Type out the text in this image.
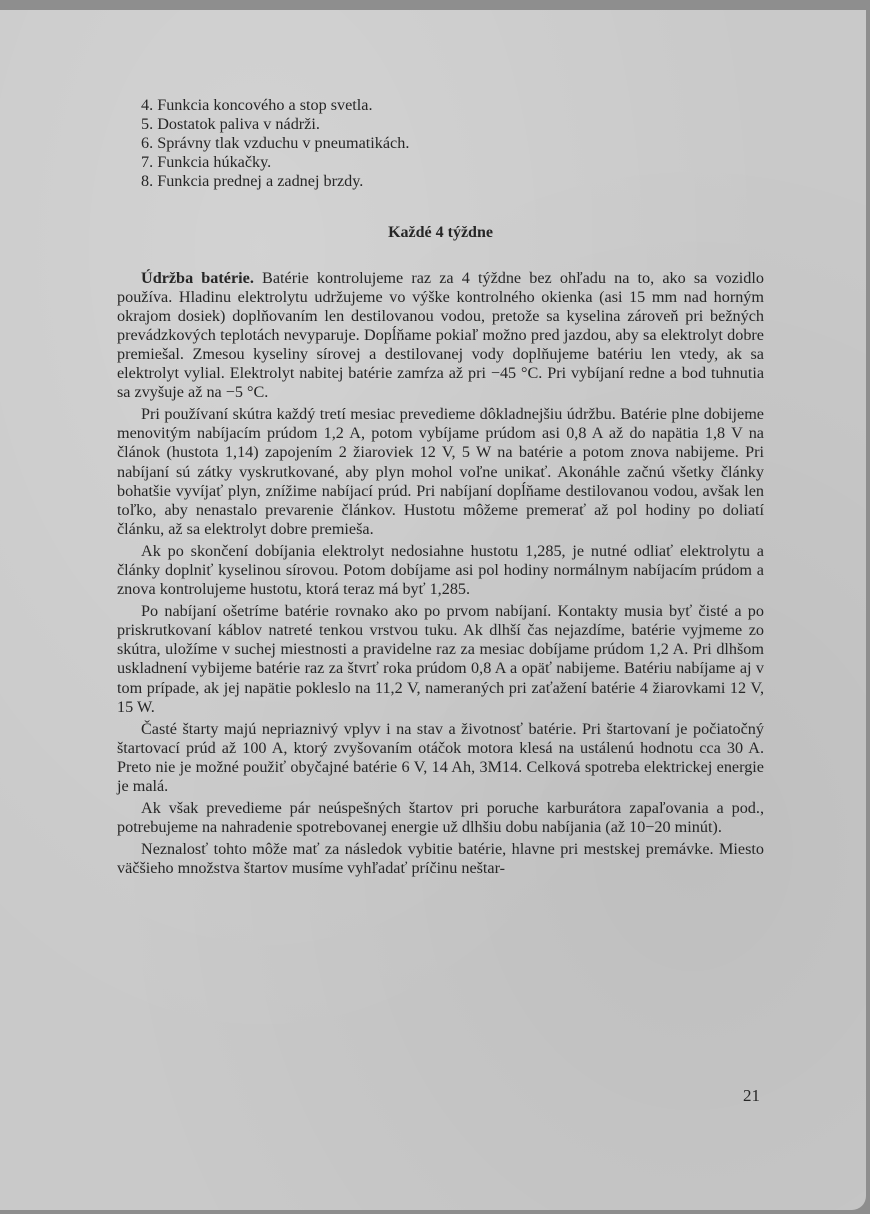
4. Funkcia koncového a stop svetla.
5. Dostatok paliva v nádrži.
6. Správny tlak vzduchu v pneumatikách.
7. Funkcia húkačky.
8. Funkcia prednej a zadnej brzdy.
Každé 4 týždne

Údržba batérie. Batérie kontrolujeme raz za 4 týždne bez ohľadu na to, ako sa vozidlo používa. Hladinu elektrolytu udržujeme vo výške kontrolného okienka (asi 15 mm nad horným okrajom dosiek) doplňovaním len destilovanou vodou, pretože sa kyselina zároveň pri bežných prevádzkových teplotách nevyparuje. Dopĺňame pokiaľ možno pred jazdou, aby sa elektrolyt dobre premiešal. Zmesou kyseliny sírovej a destilovanej vody doplňujeme batériu len vtedy, ak sa elektrolyt vylial. Elektrolyt nabitej batérie zamŕza až pri −45 °C. Pri vybíjaní redne a bod tuhnutia sa zvyšuje až na −5 °C.

Pri používaní skútra každý tretí mesiac prevedieme dôkladnejšiu údržbu. Batérie plne dobijeme menovitým nabíjacím prúdom 1,2 A, potom vybíjame prúdom asi 0,8 A až do napätia 1,8 V na článok (hustota 1,14) zapojením 2 žiaroviek 12 V, 5 W na batérie a potom znova nabijeme. Pri nabíjaní sú zátky vyskrutkované, aby plyn mohol voľne unikať. Akonáhle začnú všetky články bohatšie vyvíjať plyn, znížime nabíjací prúd. Pri nabíjaní dopĺňame destilovanou vodou, avšak len toľko, aby nenastalo prevarenie článkov. Hustotu môžeme premerať až pol hodiny po doliatí článku, až sa elektrolyt dobre premieša.

Ak po skončení dobíjania elektrolyt nedosiahne hustotu 1,285, je nutné odliať elektrolytu a články doplniť kyselinou sírovou. Potom dobíjame asi pol hodiny normálnym nabíjacím prúdom a znova kontrolujeme hustotu, ktorá teraz má byť 1,285.

Po nabíjaní ošetríme batérie rovnako ako po prvom nabíjaní. Kontakty musia byť čisté a po priskrutkovaní káblov natreté tenkou vrstvou tuku. Ak dlhší čas nejazdíme, batérie vyjmeme zo skútra, uložíme v suchej miestnosti a pravidelne raz za mesiac dobíjame prúdom 1,2 A. Pri dlhšom uskladnení vybijeme batérie raz za štvrť roka prúdom 0,8 A a opäť nabijeme. Batériu nabíjame aj v tom prípade, ak jej napätie pokleslo na 11,2 V, nameraných pri zaťažení batérie 4 žiarovkami 12 V, 15 W.

Časté štarty majú nepriaznivý vplyv i na stav a životnosť batérie. Pri štartovaní je počiatočný štartovací prúd až 100 A, ktorý zvyšovaním otáčok motora klesá na ustálenú hodnotu cca 30 A. Preto nie je možné použiť obyčajné batérie 6 V, 14 Ah, 3M14. Celková spotreba elektrickej energie je malá.

Ak však prevedieme pár neúspešných štartov pri poruche karburátora zapaľovania a pod., potrebujeme na nahradenie spotrebovanej energie už dlhšiu dobu nabíjania (až 10−20 minút).

Neznalosť tohto môže mať za následok vybitie batérie, hlavne pri mestskej premávke. Miesto väčšieho množstva štartov musíme vyhľadať príčinu neštar-

21
